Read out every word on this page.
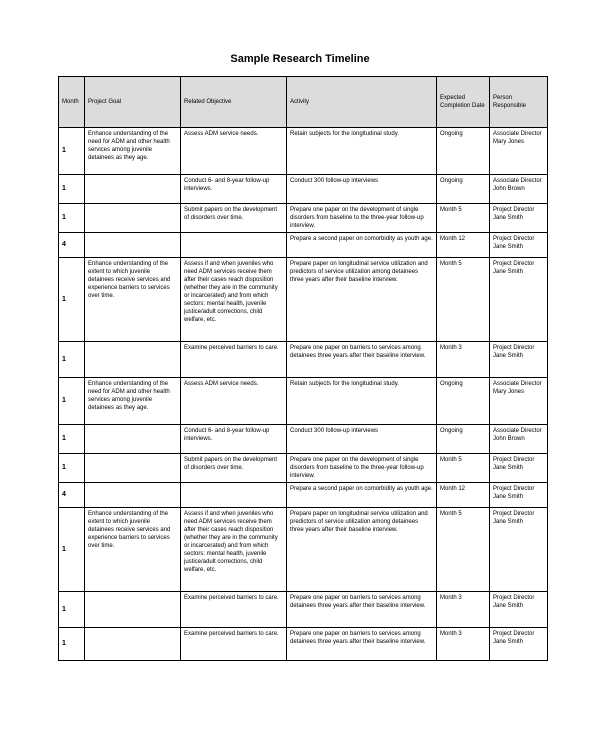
Sample Research Timeline
Month	Project Goal	Related Objective	Activity	Expected Completion Date	Person Responsible
1	Enhance understanding of the need for ADM and other health services among juvenile detainees as they age.	Assess ADM service needs.	Retain subjects for the longitudinal study.	Ongoing	Associate Director Mary Jones
1		Conduct 6- and 8-year follow-up interviews.	Conduct 300 follow-up interviews	Ongoing	Associate Director John Brown
1		Submit papers on the development of disorders over time.	Prepare one paper on the development of single disorders from baseline to the three-year follow-up interview.	Month 5	Project Director Jane Smith
4			Prepare a second paper on comorbidity as youth age.	Month 12	Project Director Jane Smith
1	Enhance understanding of the extent to which juvenile detainees receive services and experience barriers to services over time.	Assess if and when juveniles who need ADM services receive them after their cases reach disposition (whether they are in the community or incarcerated) and from which sectors: mental health, juvenile justice/adult corrections, child welfare, etc.	Prepare paper on longitudinal service utilization and predictors of service utilization among detainees three years after their baseline interview.	Month 5	Project Director Jane Smith
1		Examine perceived barriers to care.	Prepare one paper on barriers to services among detainees three years after their baseline interview.	Month 3	Project Director Jane Smith
1	Enhance understanding of the need for ADM and other health services among juvenile detainees as they age.	Assess ADM service needs.	Retain subjects for the longitudinal study.	Ongoing	Associate Director Mary Jones
1		Conduct 6- and 8-year follow-up interviews.	Conduct 300 follow-up interviews	Ongoing	Associate Director John Brown
1		Submit papers on the development of disorders over time.	Prepare one paper on the development of single disorders from baseline to the three-year follow-up interview.	Month 5	Project Director Jane Smith
4			Prepare a second paper on comorbidity as youth age.	Month 12	Project Director Jane Smith
1	Enhance understanding of the extent to which juvenile detainees receive services and experience barriers to services over time.	Assess if and when juveniles who need ADM services receive them after their cases reach disposition (whether they are in the community or incarcerated) and from which sectors: mental health, juvenile justice/adult corrections, child welfare, etc.	Prepare paper on longitudinal service utilization and predictors of service utilization among detainees three years after their baseline interview.	Month 5	Project Director Jane Smith
1		Examine perceived barriers to care.	Prepare one paper on barriers to services among detainees three years after their baseline interview.	Month 3	Project Director Jane Smith
1		Examine perceived barriers to care.	Prepare one paper on barriers to services among detainees three years after their baseline interview.	Month 3	Project Director Jane Smith
